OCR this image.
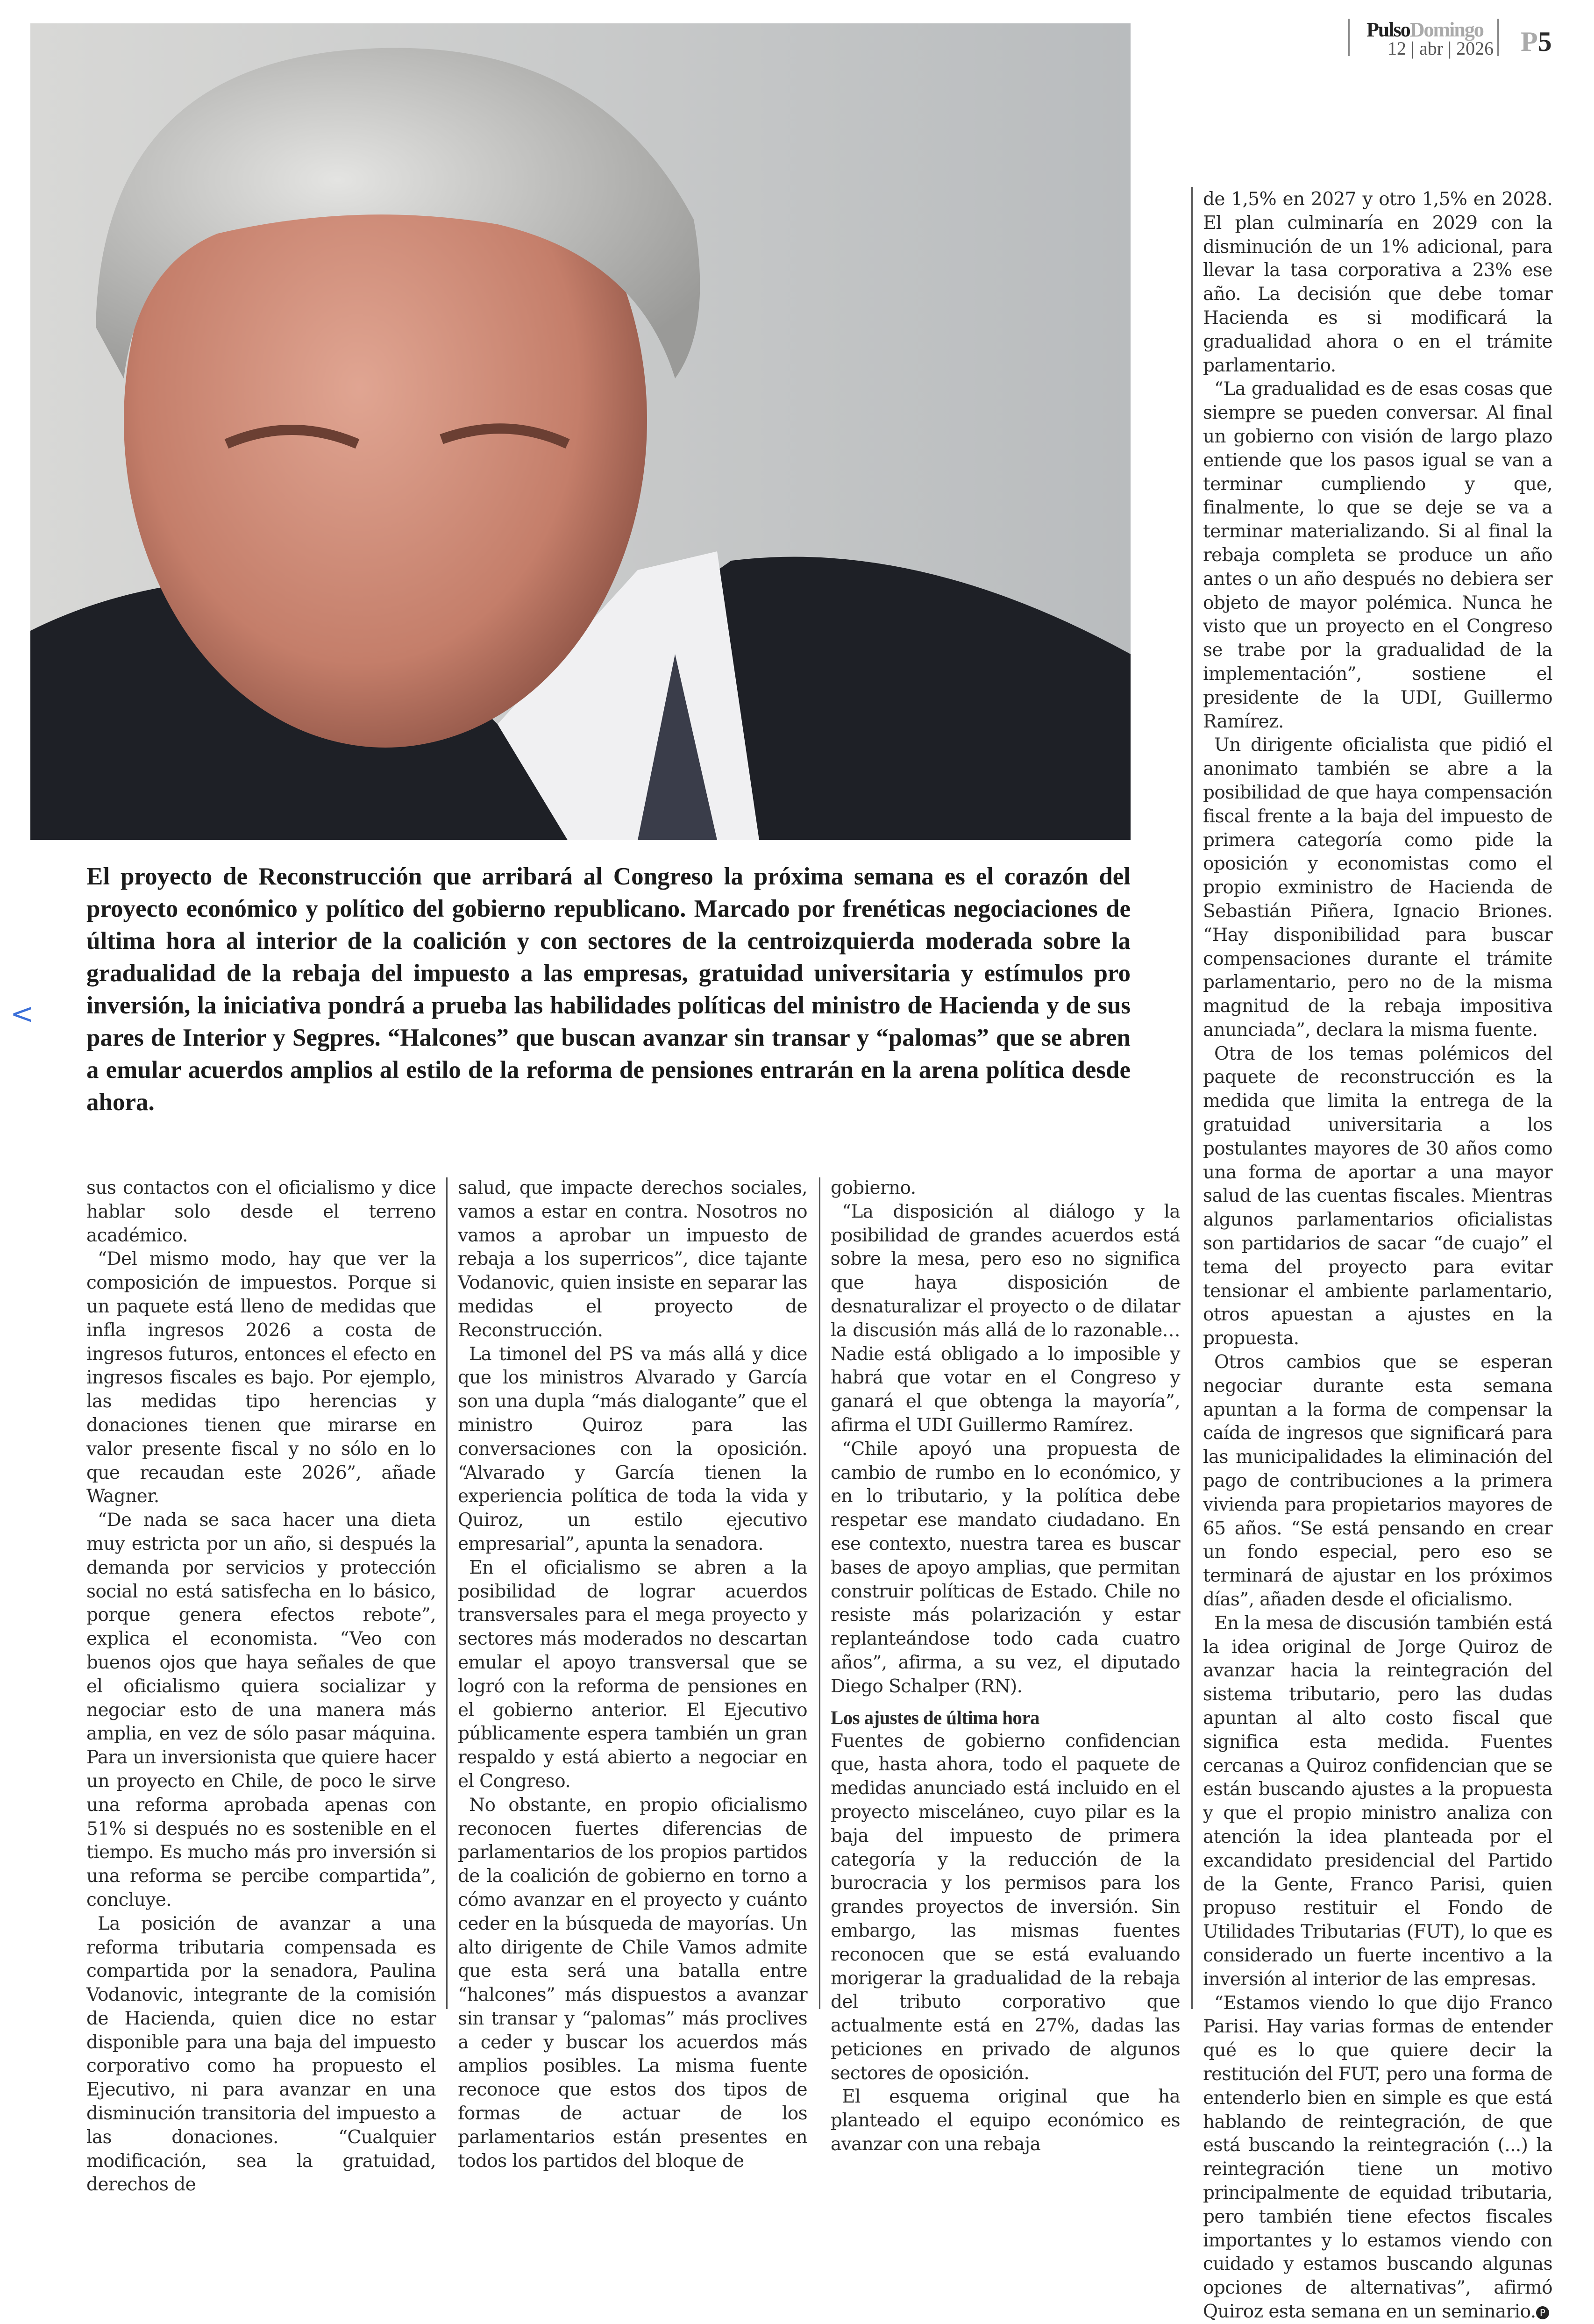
PulsoDomingo
12 | abr | 2026 P5
<

El proyecto de Reconstrucción que arribará al Congreso la próxima semana es el corazón del proyecto económico y político del gobierno republicano. Marcado por frenéticas negociaciones de última hora al interior de la coalición y con sectores de la centroizquierda moderada sobre la gradualidad de la rebaja del impuesto a las empresas, gratuidad universitaria y estímulos pro inversión, la iniciativa pondrá a prueba las habilidades políticas del ministro de Hacienda y de sus pares de Interior y Segpres. “Halcones” que buscan avanzar sin transar y “palomas” que se abren a emular acuerdos amplios al estilo de la reforma de pensiones entrarán en la arena política desde ahora.

sus contactos con el oficialismo y dice hablar solo desde el terreno académico.

“Del mismo modo, hay que ver la composición de impuestos. Porque si un paquete está lleno de medidas que infla ingresos 2026 a costa de ingresos futuros, entonces el efecto en ingresos fiscales es bajo. Por ejemplo, las medidas tipo herencias y donaciones tienen que mirarse en valor presente fiscal y no sólo en lo que recaudan este 2026”, añade Wagner.

“De nada se saca hacer una dieta muy estricta por un año, si después la demanda por servicios y protección social no está satisfecha en lo básico, porque genera efectos rebote”, explica el economista. “Veo con buenos ojos que haya señales de que el oficialismo quiera socializar y negociar esto de una manera más amplia, en vez de sólo pasar máquina. Para un inversionista que quiere hacer un proyecto en Chile, de poco le sirve una reforma aprobada apenas con 51% si después no es sostenible en el tiempo. Es mucho más pro inversión si una reforma se percibe compartida”, concluye.

La posición de avanzar a una reforma tributaria compensada es compartida por la senadora, Paulina Vodanovic, integrante de la comisión de Hacienda, quien dice no estar disponible para una baja del impuesto corporativo como ha propuesto el Ejecutivo, ni para avanzar en una disminución transitoria del impuesto a las donaciones. “Cualquier modificación, sea la gratuidad, derechos de

salud, que impacte derechos sociales, vamos a estar en contra. Nosotros no vamos a aprobar un impuesto de rebaja a los superricos”, dice tajante Vodanovic, quien insiste en separar las medidas el proyecto de Reconstrucción.

La timonel del PS va más allá y dice que los ministros Alvarado y García son una dupla “más dialogante” que el ministro Quiroz para las conversaciones con la oposición. “Alvarado y García tienen la experiencia política de toda la vida y Quiroz, un estilo ejecutivo empresarial”, apunta la senadora.

En el oficialismo se abren a la posibilidad de lograr acuerdos transversales para el mega proyecto y sectores más moderados no descartan emular el apoyo transversal que se logró con la reforma de pensiones en el gobierno anterior. El Ejecutivo públicamente espera también un gran respaldo y está abierto a negociar en el Congreso.

No obstante, en propio oficialismo reconocen fuertes diferencias de parlamentarios de los propios partidos de la coalición de gobierno en torno a cómo avanzar en el proyecto y cuánto ceder en la búsqueda de mayorías. Un alto dirigente de Chile Vamos admite que esta será una batalla entre “halcones” más dispuestos a avanzar sin transar y “palomas” más proclives a ceder y buscar los acuerdos más amplios posibles. La misma fuente reconoce que estos dos tipos de formas de actuar de los parlamentarios están presentes en todos los partidos del bloque de

gobierno.

“La disposición al diálogo y la posibilidad de grandes acuerdos está sobre la mesa, pero eso no significa que haya disposición de desnaturalizar el proyecto o de dilatar la discusión más allá de lo razonable… Nadie está obligado a lo imposible y habrá que votar en el Congreso y ganará el que obtenga la mayoría”, afirma el UDI Guillermo Ramírez.

“Chile apoyó una propuesta de cambio de rumbo en lo económico, y en lo tributario, y la política debe respetar ese mandato ciudadano. En ese contexto, nuestra tarea es buscar bases de apoyo amplias, que permitan construir políticas de Estado. Chile no resiste más polarización y estar replanteándose todo cada cuatro años”, afirma, a su vez, el diputado Diego Schalper (RN).

Los ajustes de última hora

Fuentes de gobierno confidencian que, hasta ahora, todo el paquete de medidas anunciado está incluido en el proyecto misceláneo, cuyo pilar es la baja del impuesto de primera categoría y la reducción de la burocracia y los permisos para los grandes proyectos de inversión. Sin embargo, las mismas fuentes reconocen que se está evaluando morigerar la gradualidad de la rebaja del tributo corporativo que actualmente está en 27%, dadas las peticiones en privado de algunos sectores de oposición.

El esquema original que ha planteado el equipo económico es avanzar con una rebaja

de 1,5% en 2027 y otro 1,5% en 2028. El plan culminaría en 2029 con la disminución de un 1% adicional, para llevar la tasa corporativa a 23% ese año. La decisión que debe tomar Hacienda es si modificará la gradualidad ahora o en el trámite parlamentario.

“La gradualidad es de esas cosas que siempre se pueden conversar. Al final un gobierno con visión de largo plazo entiende que los pasos igual se van a terminar cumpliendo y que, finalmente, lo que se deje se va a terminar materializando. Si al final la rebaja completa se produce un año antes o un año después no debiera ser objeto de mayor polémica. Nunca he visto que un proyecto en el Congreso se trabe por la gradualidad de la implementación”, sostiene el presidente de la UDI, Guillermo Ramírez.

Un dirigente oficialista que pidió el anonimato también se abre a la posibilidad de que haya compensación fiscal frente a la baja del impuesto de primera categoría como pide la oposición y economistas como el propio exministro de Hacienda de Sebastián Piñera, Ignacio Briones. “Hay disponibilidad para buscar compensaciones durante el trámite parlamentario, pero no de la misma magnitud de la rebaja impositiva anunciada”, declara la misma fuente.

Otra de los temas polémicos del paquete de reconstrucción es la medida que limita la entrega de la gratuidad universitaria a los postulantes mayores de 30 años como una forma de aportar a una mayor salud de las cuentas fiscales. Mientras algunos parlamentarios oficialistas son partidarios de sacar “de cuajo” el tema del proyecto para evitar tensionar el ambiente parlamentario, otros apuestan a ajustes en la propuesta.

Otros cambios que se esperan negociar durante esta semana apuntan a la forma de compensar la caída de ingresos que significará para las municipalidades la eliminación del pago de contribuciones a la primera vivienda para propietarios mayores de 65 años. “Se está pensando en crear un fondo especial, pero eso se terminará de ajustar en los próximos días”, añaden desde el oficialismo.

En la mesa de discusión también está la idea original de Jorge Quiroz de avanzar hacia la reintegración del sistema tributario, pero las dudas apuntan al alto costo fiscal que significa esta medida. Fuentes cercanas a Quiroz confidencian que se están buscando ajustes a la propuesta y que el propio ministro analiza con atención la idea planteada por el excandidato presidencial del Partido de la Gente, Franco Parisi, quien propuso restituir el Fondo de Utilidades Tributarias (FUT), lo que es considerado un fuerte incentivo a la inversión al interior de las empresas.

“Estamos viendo lo que dijo Franco Parisi. Hay varias formas de entender qué es lo que quiere decir la restitución del FUT, pero una forma de entenderlo bien en simple es que está hablando de reintegración, de que está buscando la reintegración (...) la reintegración tiene un motivo principalmente de equidad tributaria, pero también tiene efectos fiscales importantes y lo estamos viendo con cuidado y estamos buscando algunas opciones de alternativas”, afirmó Quiroz esta semana en un seminario. P
